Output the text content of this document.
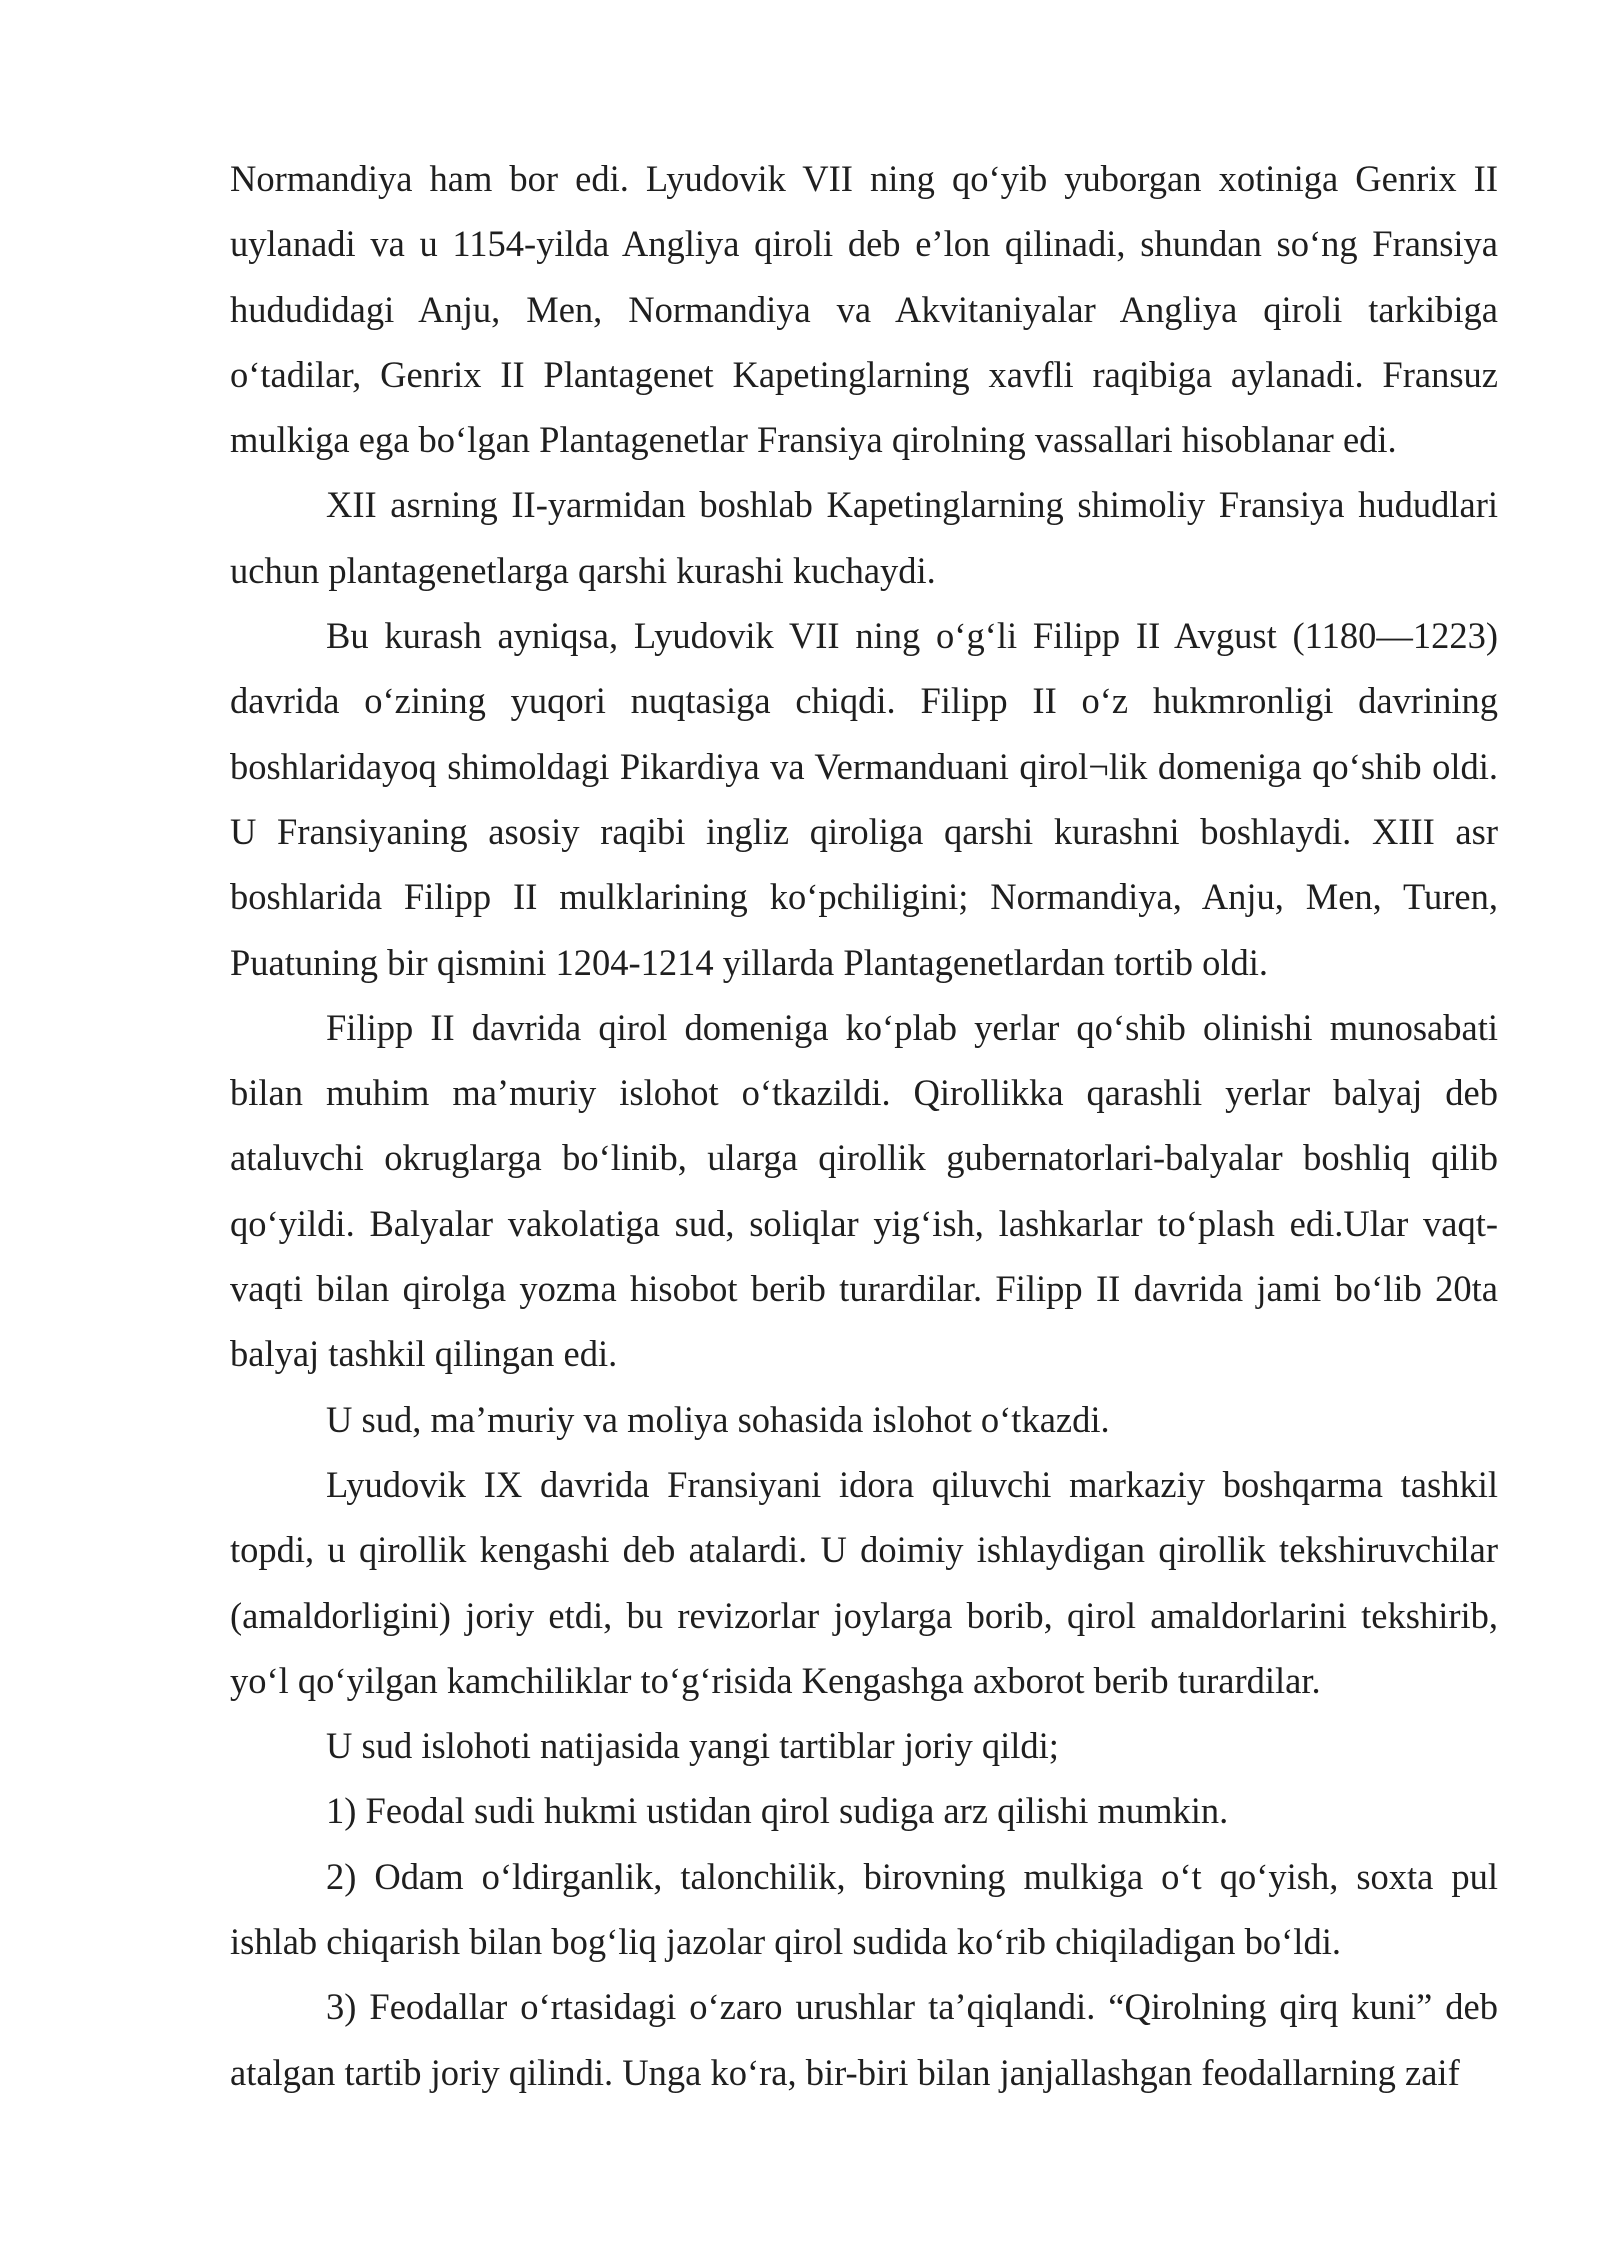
Normandiya ham bor edi. Lyudovik VII ning qo‘yib yuborgan xotiniga Genrix II uylanadi va u 1154-yilda Angliya qiroli deb e’lon qilinadi, shundan so‘ng Fransiya hududidagi Anju, Men, Normandiya va Akvitaniyalar Angliya qiroli tarkibiga o‘tadilar, Genrix II Plantagenet Kapetinglarning xavfli raqibiga aylanadi. Fransuz mulkiga ega bo‘lgan Plantagenetlar Fransiya qirolning vassallari hisoblanar edi.

XII asrning II-yarmidan boshlab Kapetinglarning shimoliy Fransiya hududlari uchun plantagenetlarga qarshi kurashi kuchaydi.

Bu kurash ayniqsa, Lyudovik VII ning o‘g‘li Filipp II Avgust (1180—1223) davrida o‘zining yuqori nuqtasiga chiqdi. Filipp II o‘z hukmronligi davrining boshlaridayoq shimoldagi Pikardiya va Vermanduani qirol¬lik domeniga qo‘shib oldi. U Fransiyaning asosiy raqibi ingliz qiroliga qarshi kurashni boshlaydi. XIII asr boshlarida Filipp II mulklarining ko‘pchiligini; Normandiya, Anju, Men, Turen, Puatuning bir qismini 1204-1214 yillarda Plantagenetlardan tortib oldi.

Filipp II davrida qirol domeniga ko‘plab yerlar qo‘shib olinishi munosabati bilan muhim ma’muriy islohot o‘tkazildi. Qirollikka qarashli yerlar balyaj deb ataluvchi okruglarga bo‘linib, ularga qirollik gubernatorlari-balyalar boshliq qilib qo‘yildi. Balyalar vakolatiga sud, soliqlar yig‘ish, lashkarlar to‘plash edi.Ular vaqt-vaqti bilan qirolga yozma hisobot berib turardilar. Filipp II davrida jami bo‘lib 20ta balyaj tashkil qilingan edi.

U sud, ma’muriy va moliya sohasida islohot o‘tkazdi.

Lyudovik IX davrida Fransiyani idora qiluvchi markaziy boshqarma tashkil topdi, u qirollik kengashi deb atalardi. U doimiy ishlaydigan qirollik tekshiruvchilar (amaldorligini) joriy etdi, bu revizorlar joylarga borib, qirol amaldorlarini tekshirib, yo‘l qo‘yilgan kamchiliklar to‘g‘risida Kengashga axborot berib turardilar.

U sud islohoti natijasida yangi tartiblar joriy qildi;

1) Feodal sudi hukmi ustidan qirol sudiga arz qilishi mumkin.

2) Odam o‘ldirganlik, talonchilik, birovning mulkiga o‘t qo‘yish, soxta pul ishlab chiqarish bilan bog‘liq jazolar qirol sudida ko‘rib chiqiladigan bo‘ldi.

3) Feodallar o‘rtasidagi o‘zaro urushlar ta’qiqlandi. “Qirolning qirq kuni” deb atalgan tartib joriy qilindi. Unga ko‘ra, bir-biri bilan janjallashgan feodallarning zaif
